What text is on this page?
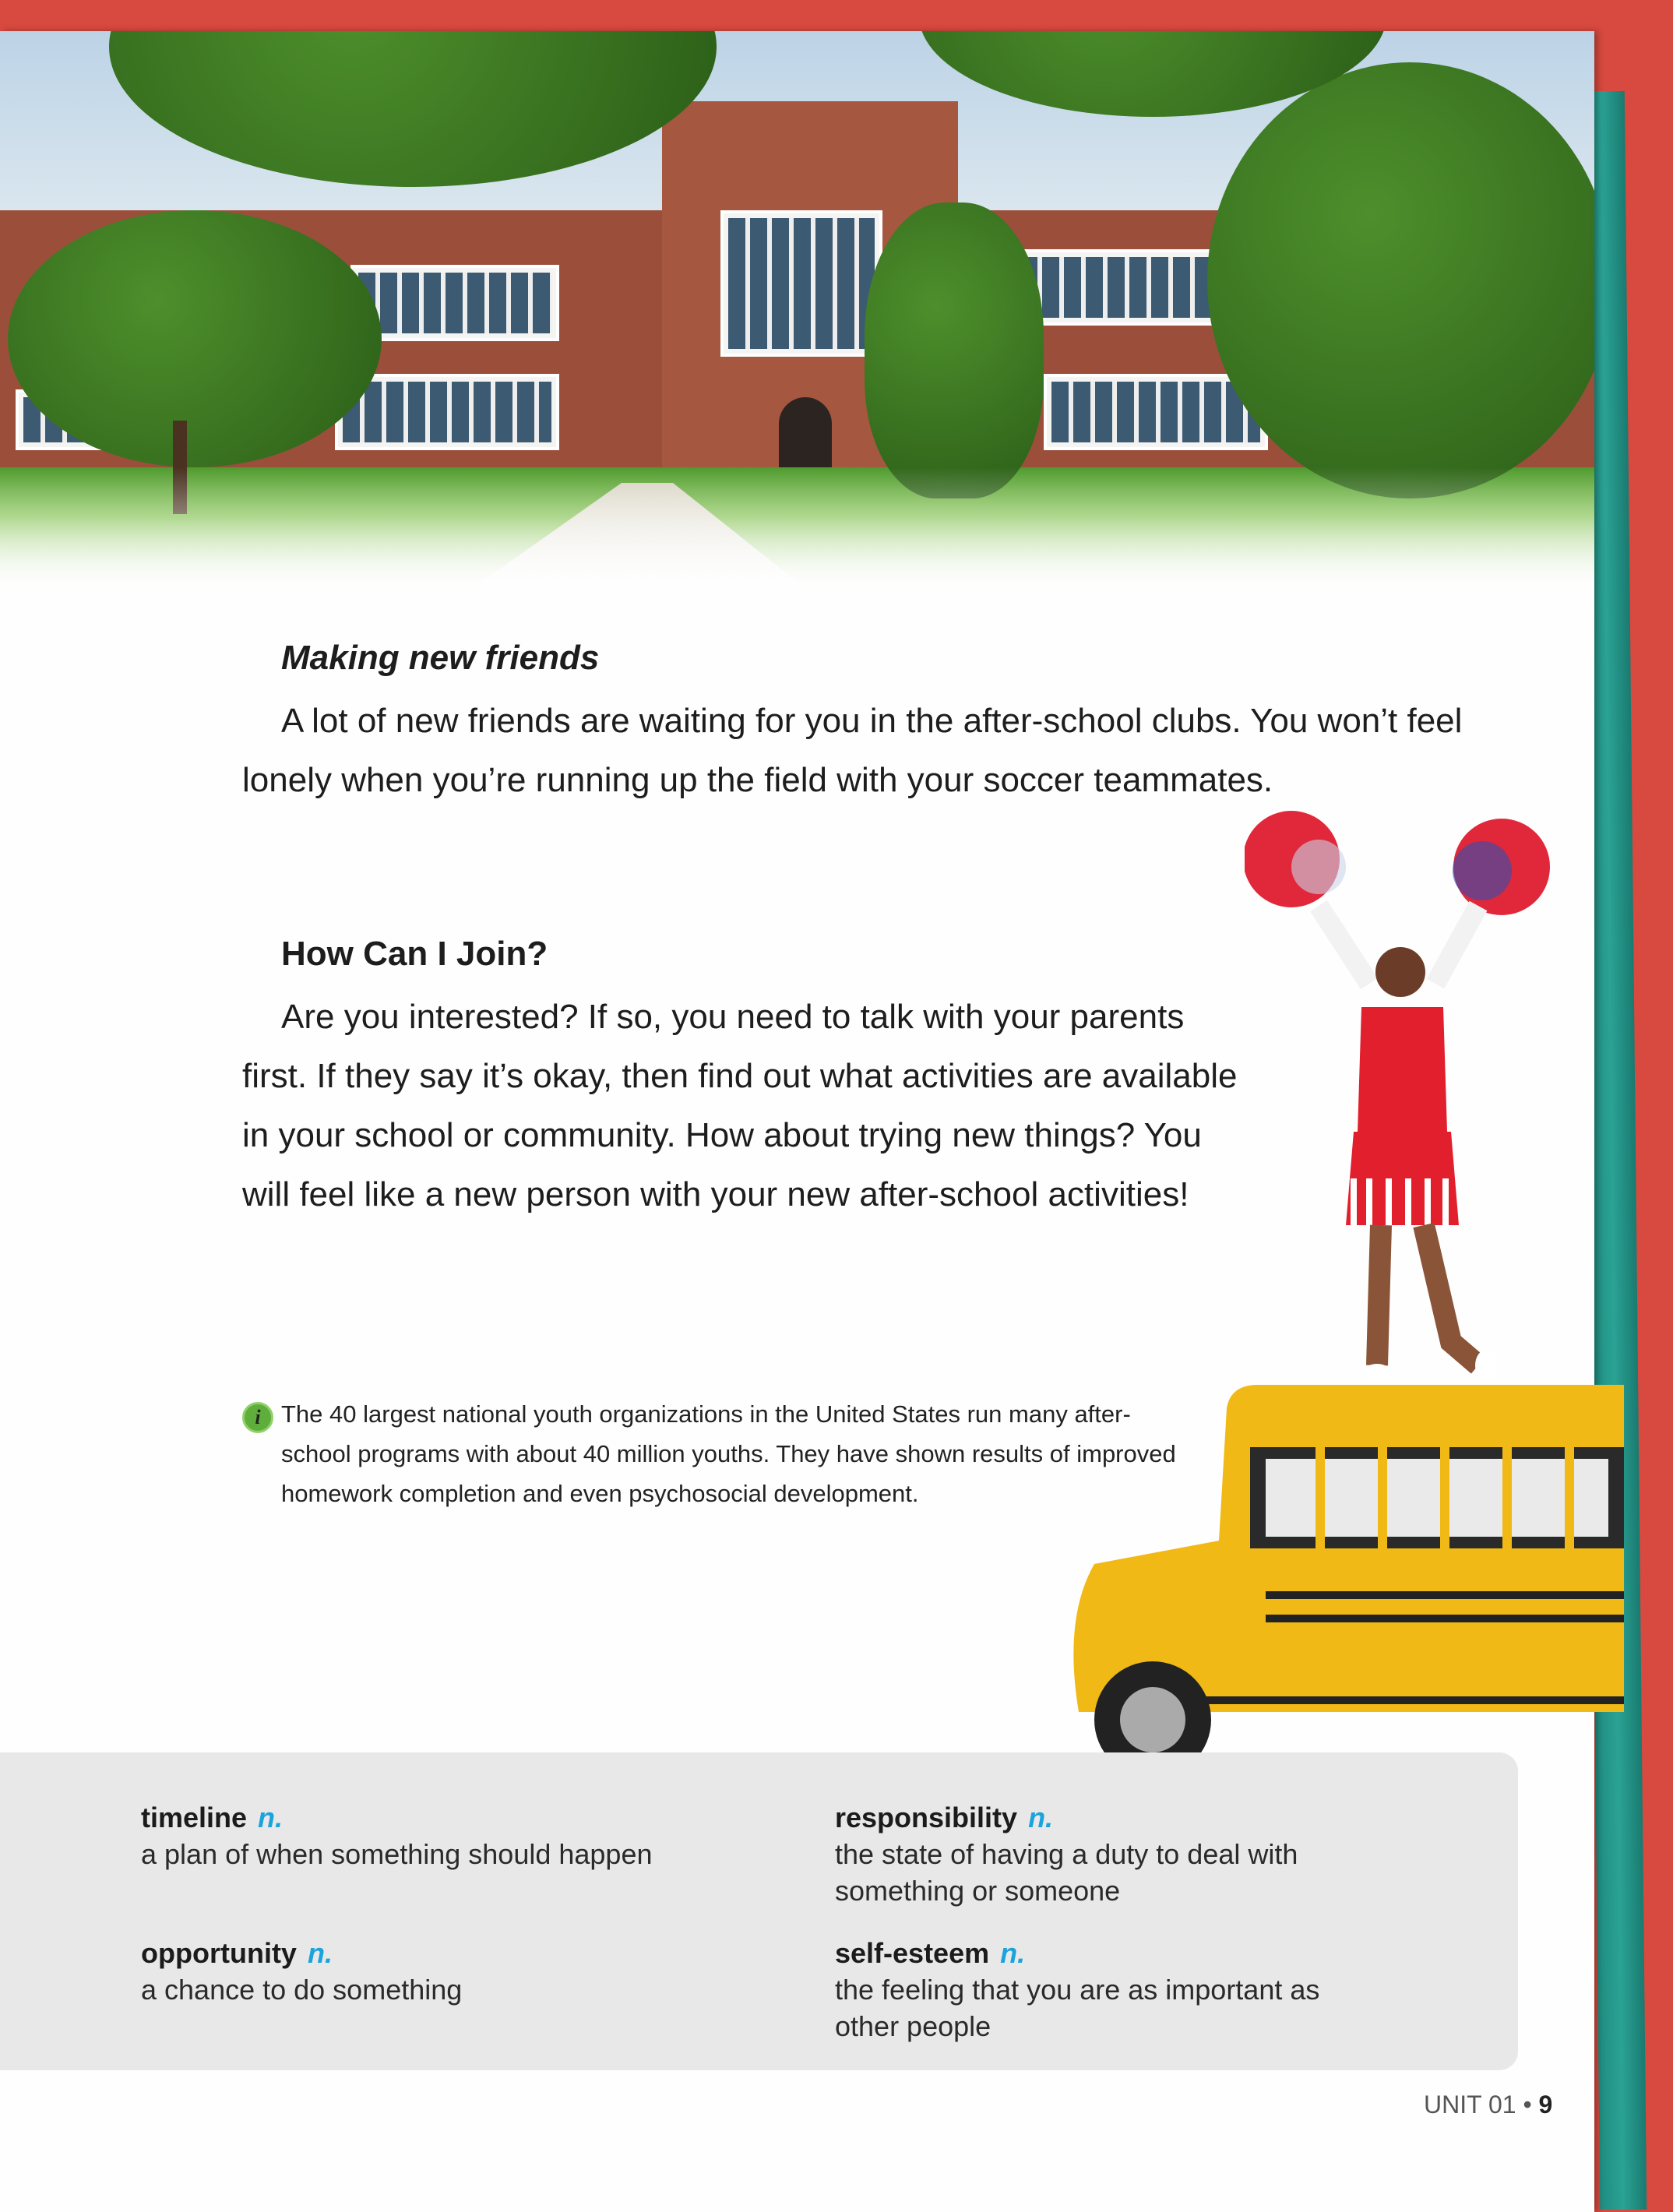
Making new friends
A lot of new friends are waiting for you in the after-school clubs. You won’t feel lonely when you’re running up the field with your soccer teammates.
How Can I Join?
Are you interested? If so, you need to talk with your parents
first. If they say it’s okay, then find out what activities are available
in your school or community. How about trying new things? You
will feel like a new person with your new after-school activities!
i The 40 largest national youth organizations in the United States run many after-school programs with about 40 million youths. They have shown results of improved homework completion and even psychosocial development.
timeline n.
a plan of when something should happen
responsibility n.
the state of having a duty to deal with something or someone
opportunity n.
a chance to do something
self-esteem n.
the feeling that you are as important as other people
UNIT 01 • 9
